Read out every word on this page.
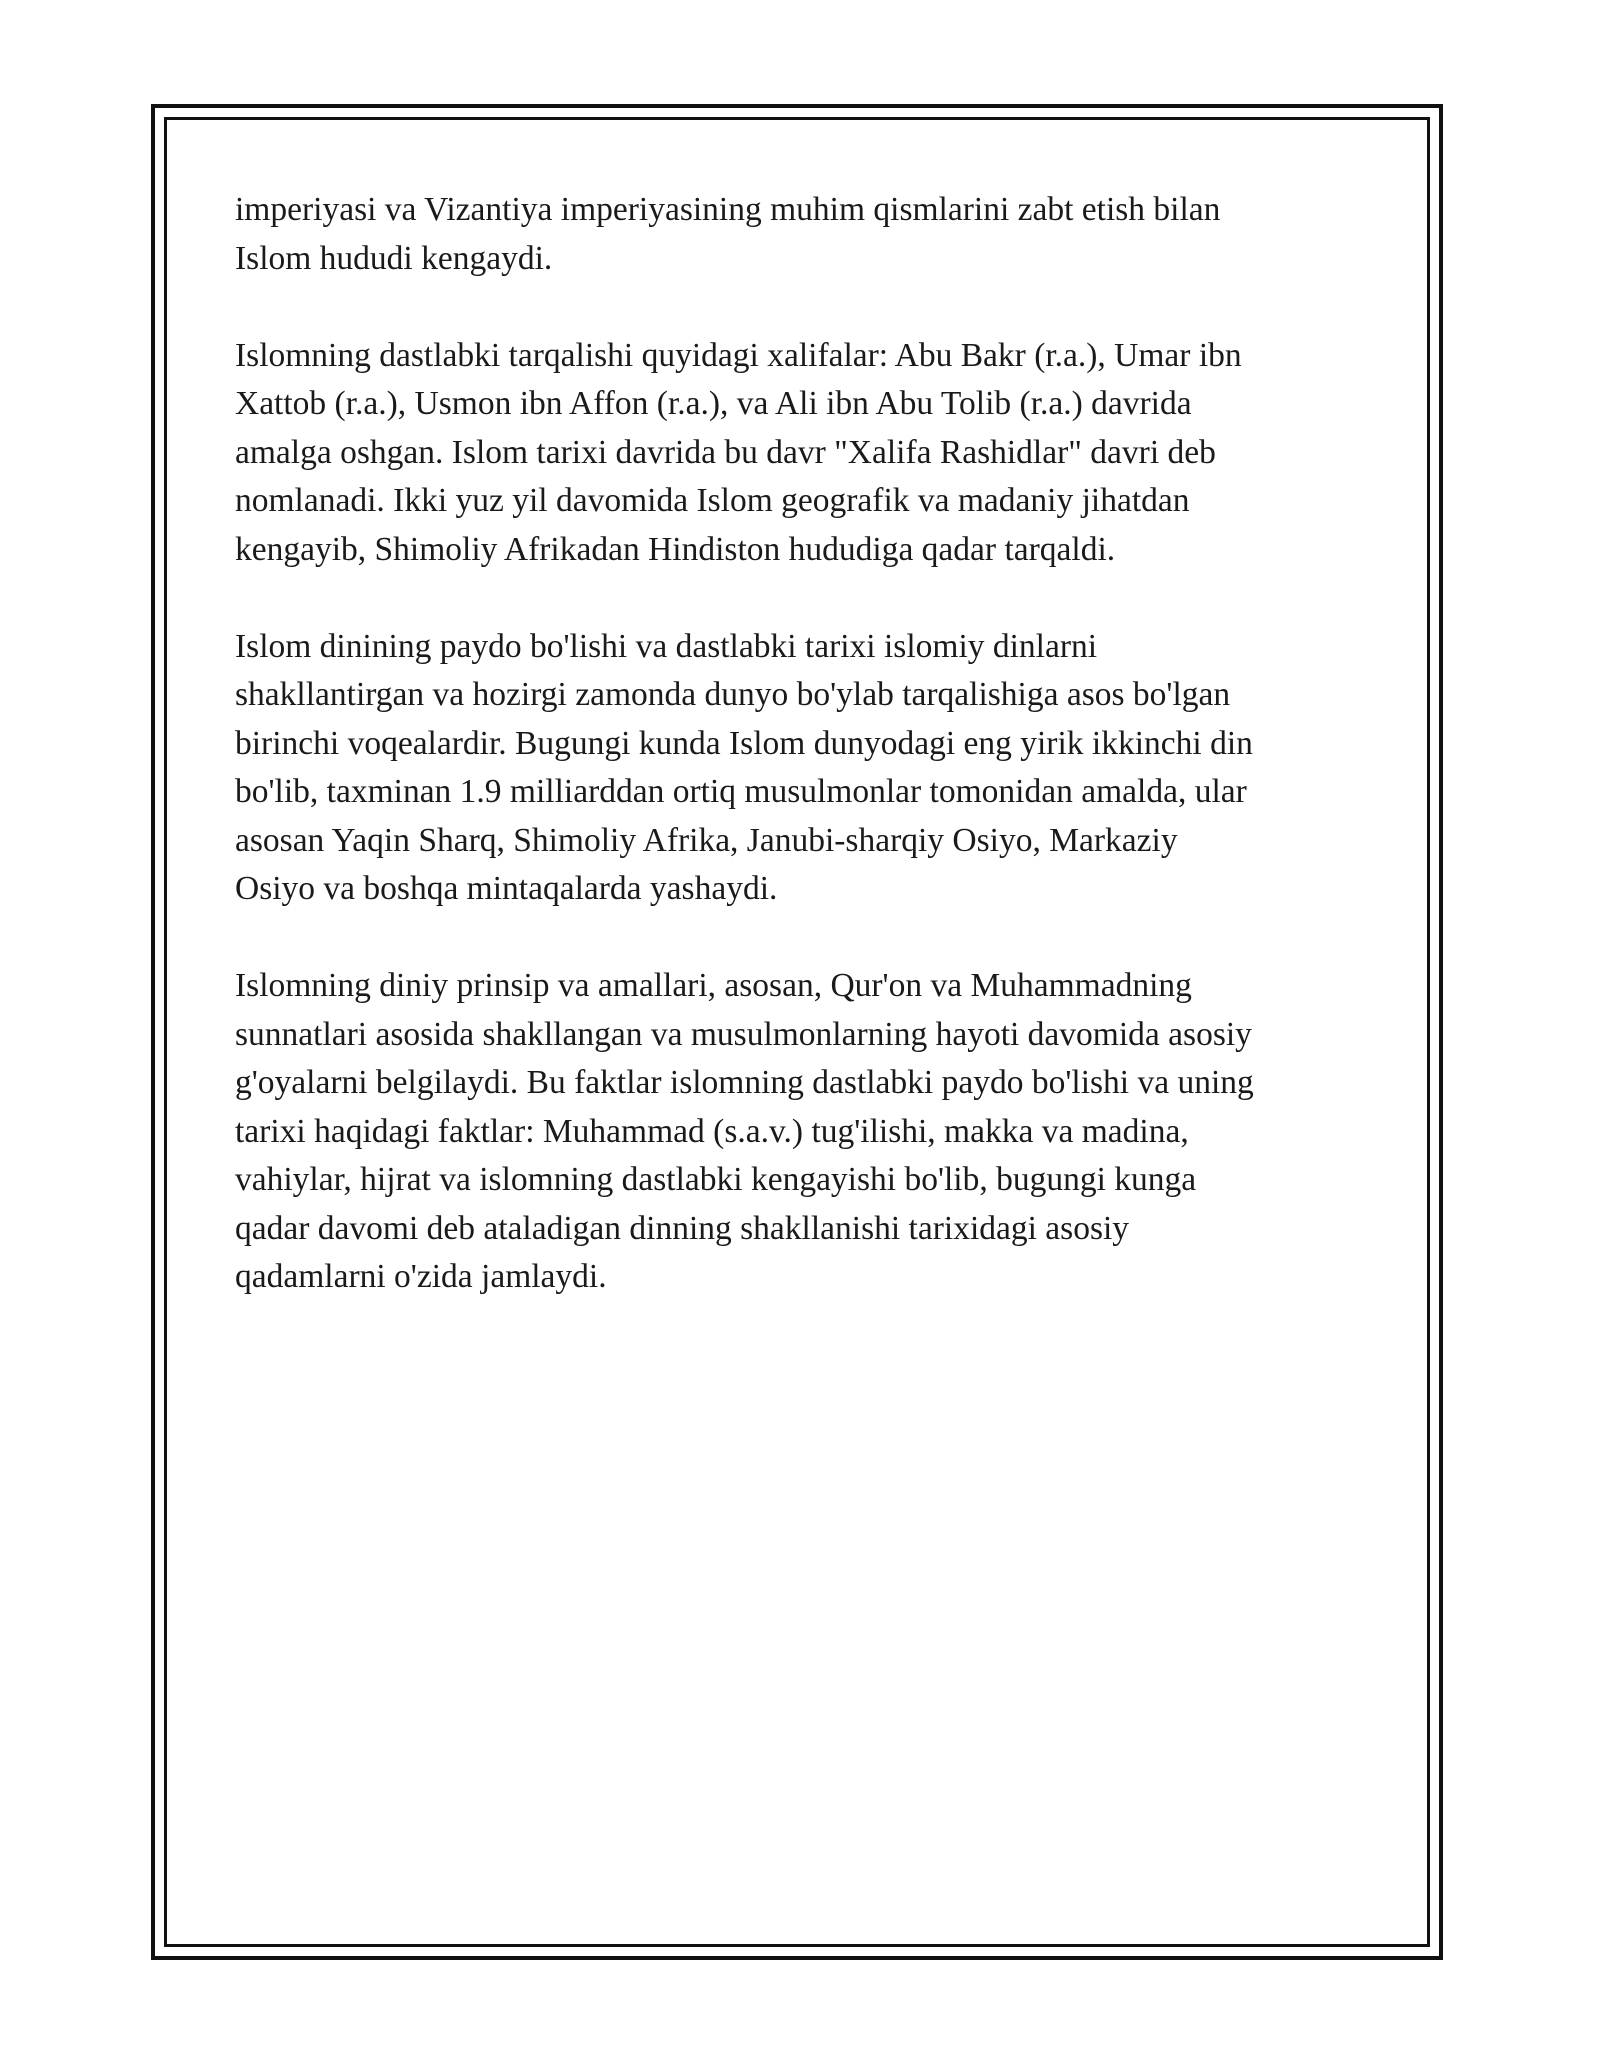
imperiyasi va Vizantiya imperiyasining muhim qismlarini zabt etish bilan
Islom hududi kengaydi.

Islomning dastlabki tarqalishi quyidagi xalifalar: Abu Bakr (r.a.), Umar ibn
Xattob (r.a.), Usmon ibn Affon (r.a.), va Ali ibn Abu Tolib (r.a.) davrida
amalga oshgan. Islom tarixi davrida bu davr "Xalifa Rashidlar" davri deb
nomlanadi. Ikki yuz yil davomida Islom geografik va madaniy jihatdan
kengayib, Shimoliy Afrikadan Hindiston hududiga qadar tarqaldi.

Islom dinining paydo bo'lishi va dastlabki tarixi islomiy dinlarni
shakllantirgan va hozirgi zamonda dunyo bo'ylab tarqalishiga asos bo'lgan
birinchi voqealardir. Bugungi kunda Islom dunyodagi eng yirik ikkinchi din
bo'lib, taxminan 1.9 milliarddan ortiq musulmonlar tomonidan amalda, ular
asosan Yaqin Sharq, Shimoliy Afrika, Janubi-sharqiy Osiyo, Markaziy
Osiyo va boshqa mintaqalarda yashaydi.

Islomning diniy prinsip va amallari, asosan, Qur'on va Muhammadning
sunnatlari asosida shakllangan va musulmonlarning hayoti davomida asosiy
g'oyalarni belgilaydi. Bu faktlar islomning dastlabki paydo bo'lishi va uning
tarixi haqidagi faktlar: Muhammad (s.a.v.) tug'ilishi, makka va madina,
vahiylar, hijrat va islomning dastlabki kengayishi bo'lib, bugungi kunga
qadar davomi deb ataladigan dinning shakllanishi tarixidagi asosiy
qadamlarni o'zida jamlaydi.
